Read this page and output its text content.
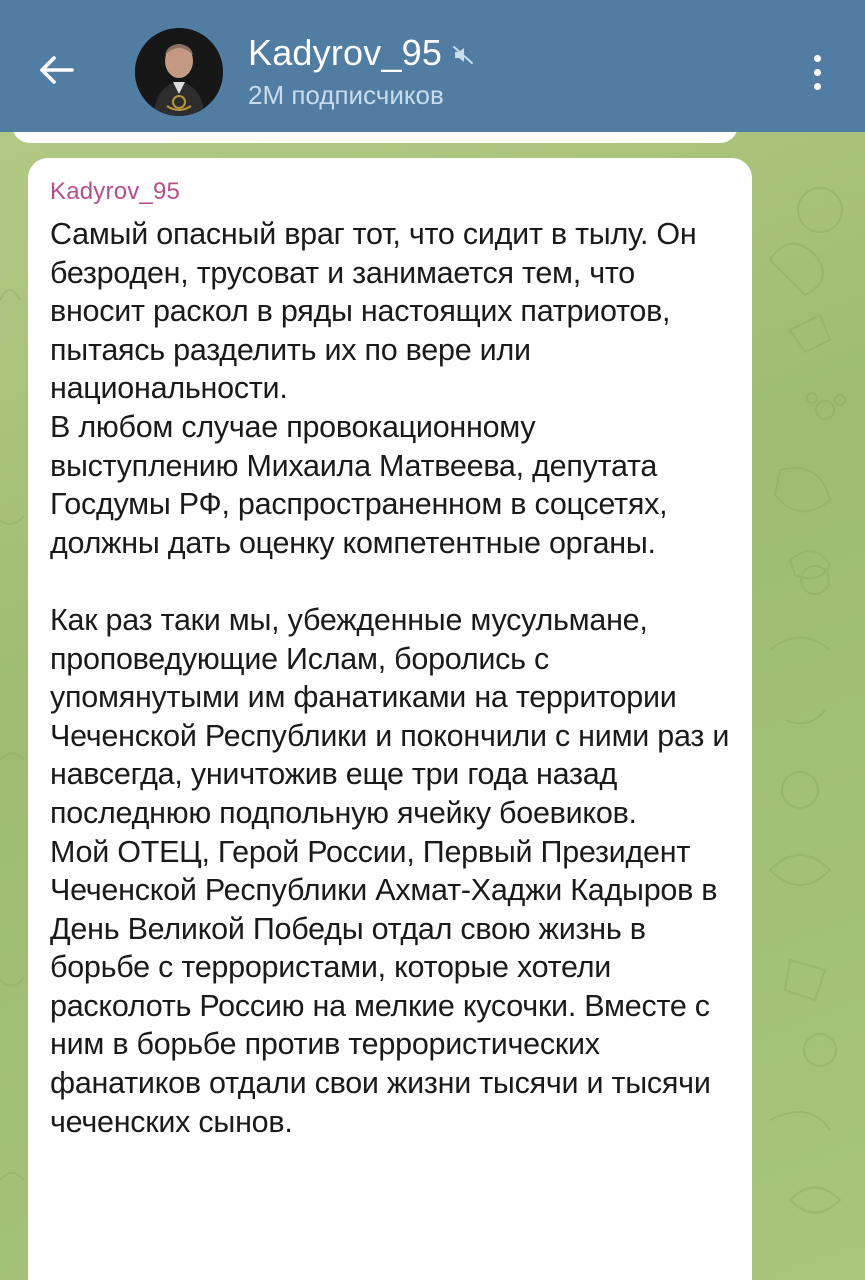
Kadyrov_95
2M подписчиков
Kadyrov_95
Самый опасный враг тот, что сидит в тылу. Он безроден, трусоват и занимается тем, что вносит раскол в ряды настоящих патриотов, пытаясь разделить их по вере или национальности.
В любом случае провокационному выступлению Михаила Матвеева, депутата Госдумы РФ, распространенном в соцсетях, должны дать оценку компетентные органы.

Как раз таки мы, убежденные мусульмане, проповедующие Ислам, боролись с упомянутыми им фанатиками на территории Чеченской Республики и покончили с ними раз и навсегда, уничтожив еще три года назад последнюю подпольную ячейку боевиков.
Мой ОТЕЦ, Герой России, Первый Президент Чеченской Республики Ахмат-Хаджи Кадыров в День Великой Победы отдал свою жизнь в борьбе с террористами, которые хотели расколоть Россию на мелкие кусочки. Вместе с ним в борьбе против террористических фанатиков отдали свои жизни тысячи и тысячи чеченских сынов.
